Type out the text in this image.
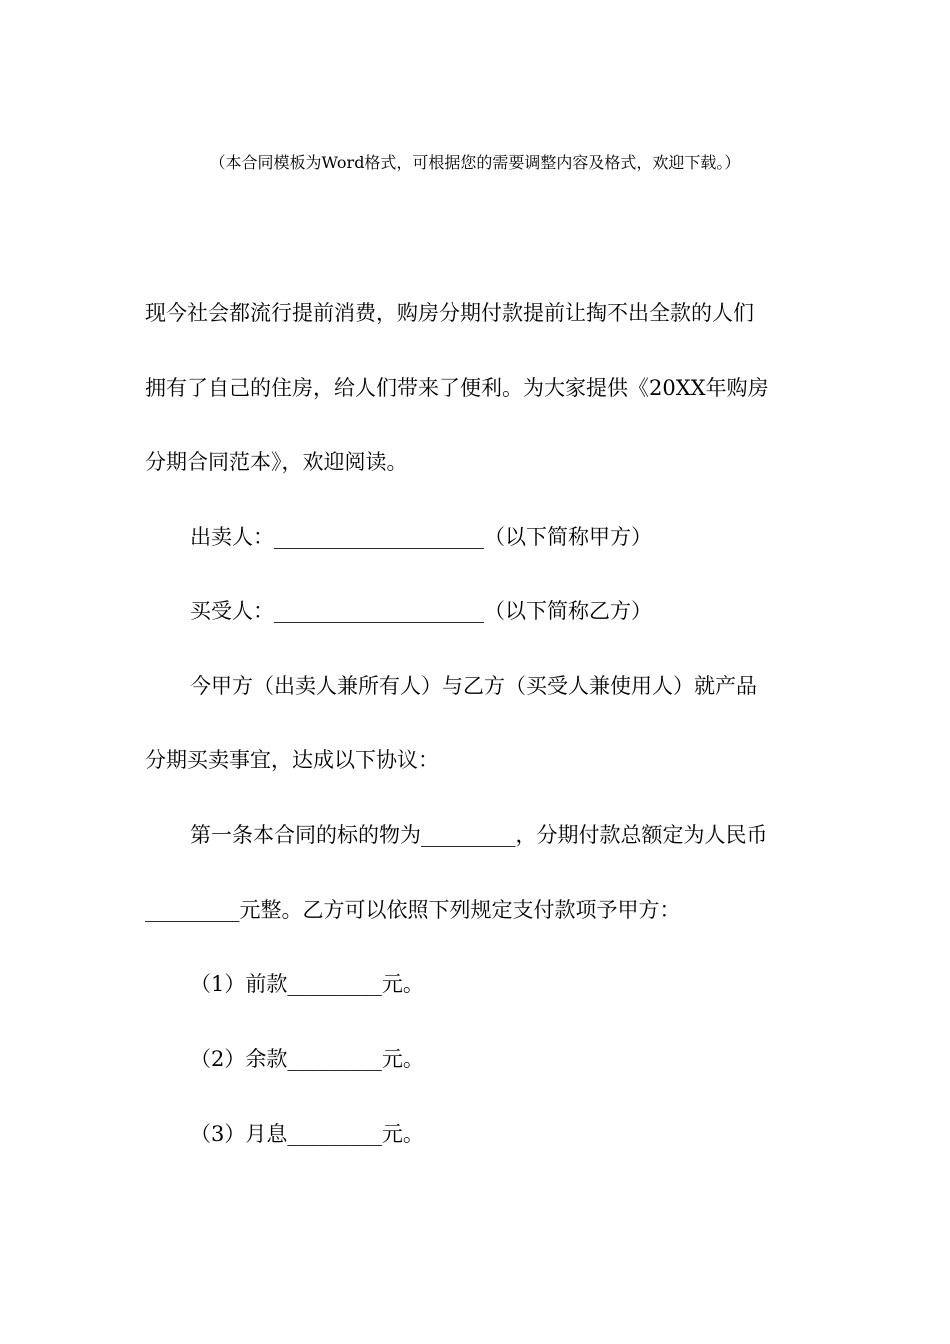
（本合同模板为Word格式，可根据您的需要调整内容及格式，欢迎下载。）
现今社会都流行提前消费，购房分期付款提前让掏不出全款的人们
拥有了自己的住房，给人们带来了便利。为大家提供《20XX年购房
分期合同范本》，欢迎阅读。
出卖人：____________________（以下简称甲方）
买受人：____________________（以下简称乙方）
今甲方（出卖人兼所有人）与乙方（买受人兼使用人）就产品
分期买卖事宜，达成以下协议：
第一条本合同的标的物为_________，分期付款总额定为人民币
_________元整。乙方可以依照下列规定支付款项予甲方：
（1）前款_________元。
（2）余款_________元。
（3）月息_________元。
